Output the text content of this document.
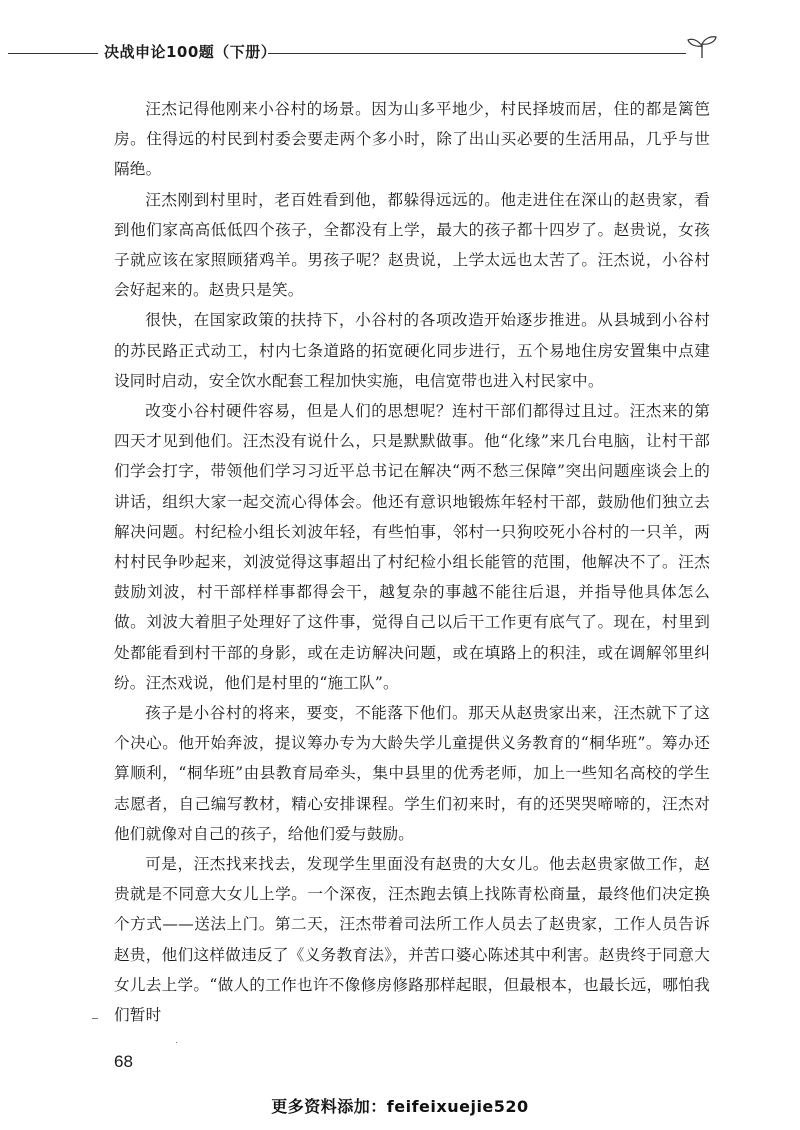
决战申论100题（下册）

汪杰记得他刚来小谷村的场景。因为山多平地少，村民择坡而居，住的都是篱笆房。住得远的村民到村委会要走两个多小时，除了出山买必要的生活用品，几乎与世隔绝。

汪杰刚到村里时，老百姓看到他，都躲得远远的。他走进住在深山的赵贵家，看到他们家高高低低四个孩子，全都没有上学，最大的孩子都十四岁了。赵贵说，女孩子就应该在家照顾猪鸡羊。男孩子呢？赵贵说，上学太远也太苦了。汪杰说，小谷村会好起来的。赵贵只是笑。

很快，在国家政策的扶持下，小谷村的各项改造开始逐步推进。从县城到小谷村的苏民路正式动工，村内七条道路的拓宽硬化同步进行，五个易地住房安置集中点建设同时启动，安全饮水配套工程加快实施，电信宽带也进入村民家中。

改变小谷村硬件容易，但是人们的思想呢？连村干部们都得过且过。汪杰来的第四天才见到他们。汪杰没有说什么，只是默默做事。他“化缘”来几台电脑，让村干部们学会打字，带领他们学习习近平总书记在解决“两不愁三保障”突出问题座谈会上的讲话，组织大家一起交流心得体会。他还有意识地锻炼年轻村干部，鼓励他们独立去解决问题。村纪检小组长刘波年轻，有些怕事，邻村一只狗咬死小谷村的一只羊，两村村民争吵起来，刘波觉得这事超出了村纪检小组长能管的范围，他解决不了。汪杰鼓励刘波，村干部样样事都得会干，越复杂的事越不能往后退，并指导他具体怎么做。刘波大着胆子处理好了这件事，觉得自己以后干工作更有底气了。现在，村里到处都能看到村干部的身影，或在走访解决问题，或在填路上的积洼，或在调解邻里纠纷。汪杰戏说，他们是村里的“施工队”。

孩子是小谷村的将来，要变，不能落下他们。那天从赵贵家出来，汪杰就下了这个决心。他开始奔波，提议筹办专为大龄失学儿童提供义务教育的“桐华班”。筹办还算顺利，“桐华班”由县教育局牵头，集中县里的优秀老师，加上一些知名高校的学生志愿者，自己编写教材，精心安排课程。学生们初来时，有的还哭哭啼啼的，汪杰对他们就像对自己的孩子，给他们爱与鼓励。

可是，汪杰找来找去，发现学生里面没有赵贵的大女儿。他去赵贵家做工作，赵贵就是不同意大女儿上学。一个深夜，汪杰跑去镇上找陈青松商量，最终他们决定换个方式——送法上门。第二天，汪杰带着司法所工作人员去了赵贵家，工作人员告诉赵贵，他们这样做违反了《义务教育法》，并苦口婆心陈述其中利害。赵贵终于同意大女儿去上学。“做人的工作也许不像修房修路那样起眼，但最根本，也最长远，哪怕我们暂时

68
更多资料添加：feifeixuejie520
